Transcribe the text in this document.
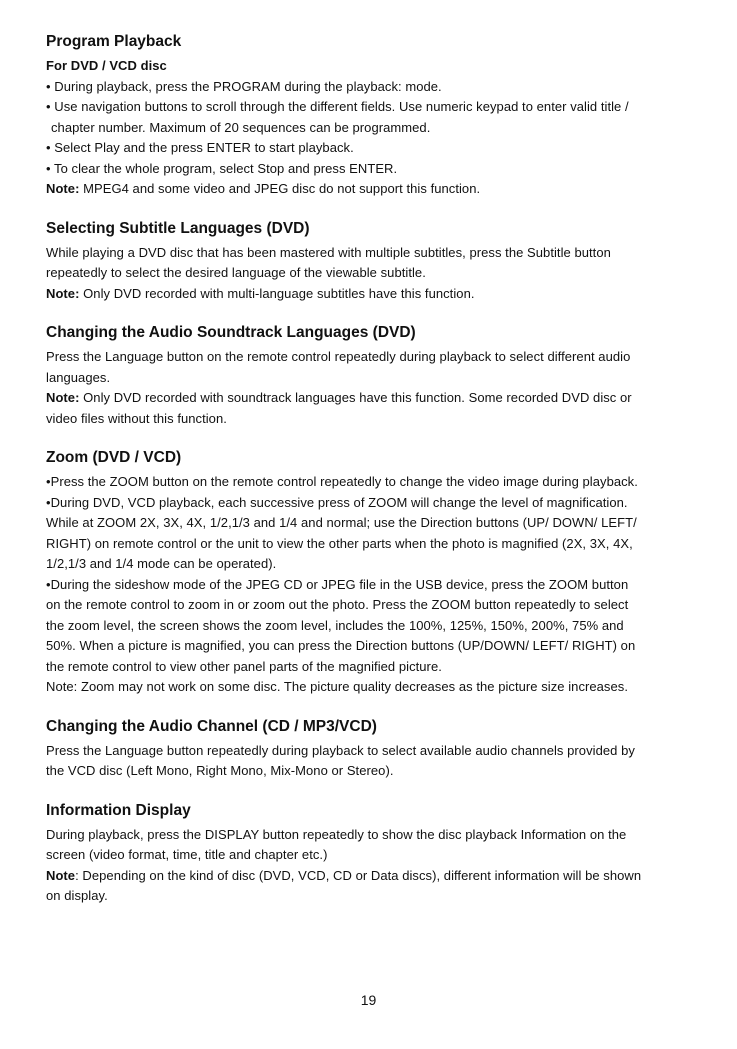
Program Playback

For DVD / VCD disc

• During playback, press the PROGRAM during the playback: mode.

• Use navigation buttons to scroll through the different fields. Use numeric keypad to enter valid title /

chapter number. Maximum of 20 sequences can be programmed.

• Select Play and the press ENTER to start playback.

• To clear the whole program, select Stop and press ENTER.

Note: MPEG4 and some video and JPEG disc do not support this function.

Selecting Subtitle Languages (DVD)

While playing a DVD disc that has been mastered with multiple subtitles, press the Subtitle button

repeatedly to select the desired language of the viewable subtitle.

Note: Only DVD recorded with multi-language subtitles have this function.

Changing the Audio Soundtrack Languages (DVD)

Press the Language button on the remote control repeatedly during playback to select different audio

languages.

Note: Only DVD recorded with soundtrack languages have this function. Some recorded DVD disc or

video files without this function.

Zoom (DVD / VCD)

•Press the ZOOM button on the remote control repeatedly to change the video image during playback.

•During DVD, VCD playback, each successive press of ZOOM will change the level of magnification.

While at ZOOM 2X, 3X, 4X, 1/2,1/3 and 1/4 and normal; use the Direction buttons (UP/ DOWN/ LEFT/

RIGHT) on remote control or the unit to view the other parts when the photo is magnified (2X, 3X, 4X,

1/2,1/3 and 1/4 mode can be operated).

•During the sideshow mode of the JPEG CD or JPEG file in the USB device, press the ZOOM button

on the remote control to zoom in or zoom out the photo. Press the ZOOM button repeatedly to select

the zoom level, the screen shows the zoom level, includes the 100%, 125%, 150%, 200%, 75% and

50%. When a picture is magnified, you can press the Direction buttons (UP/DOWN/ LEFT/ RIGHT) on

the remote control to view other panel parts of the magnified picture.

Note: Zoom may not work on some disc. The picture quality decreases as the picture size increases.

Changing the Audio Channel (CD / MP3/VCD)

Press the Language button repeatedly during playback to select available audio channels provided by

the VCD disc (Left Mono, Right Mono, Mix-Mono or Stereo).

Information Display

During playback, press the DISPLAY button repeatedly to show the disc playback Information on the

screen (video format, time, title and chapter etc.)

Note: Depending on the kind of disc (DVD, VCD, CD or Data discs), different information will be shown

on display.

19
